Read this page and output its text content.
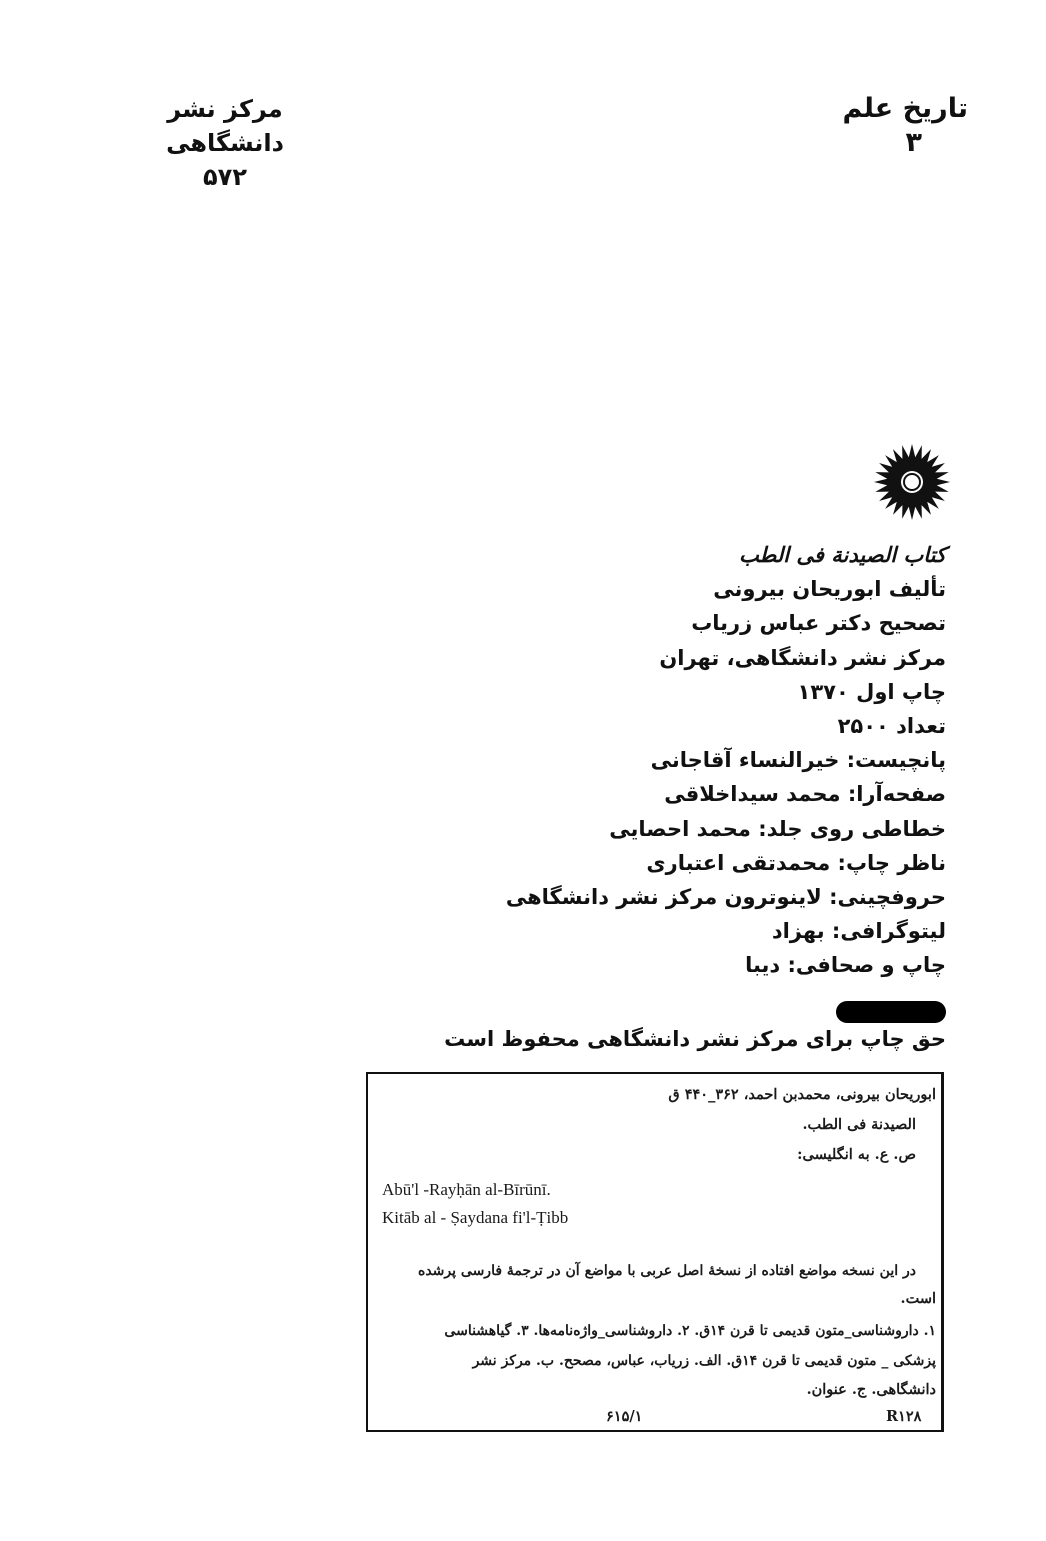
تاریخ علم
۳
مرکز نشر دانشگاهی
۵۷۲
کتاب الصیدنة فی الطب
تألیف ابوریحان بیرونی
تصحیح دکتر عباس زریاب
مرکز نشر دانشگاهی، تهران
چاپ اول ۱۳۷۰
تعداد ۲۵۰۰
پانچیست: خیرالنساء آقاجانی
صفحه‌آرا: محمد سیداخلاقی
خطاطی روی جلد: محمد احصایی
ناظر چاپ: محمدتقی اعتباری
حروفچینی: لاینوترون مرکز نشر دانشگاهی
لیتوگرافی: بهزاد
چاپ و صحافی: دیبا
حق چاپ برای مرکز نشر دانشگاهی محفوظ است
ابوریحان بیرونی، محمدبن احمد، ۳۶۲_۴۴۰ ق
الصیدنة فی الطب.
ص. ع. به انگلیسی:
Abū'l -Rayḥān al-Bīrūnī.
Kitāb al - Ṣaydana fi'l-Ṭibb
در این نسخه مواضع افتاده از نسخهٔ اصل عربی با مواضع آن در ترجمهٔ فارسی پرشده
است.
۱. داروشناسی_متون قدیمی تا قرن ۱۴ق. ۲. داروشناسی_واژه‌نامه‌ها. ۳. گیاهشناسی
پزشکی _ متون قدیمی تا قرن ۱۴ق. الف. زریاب، عباس، مصحح. ب. مرکز نشر
دانشگاهی. ج. عنوان.
۶۱۵/۱	R۱۲۸
